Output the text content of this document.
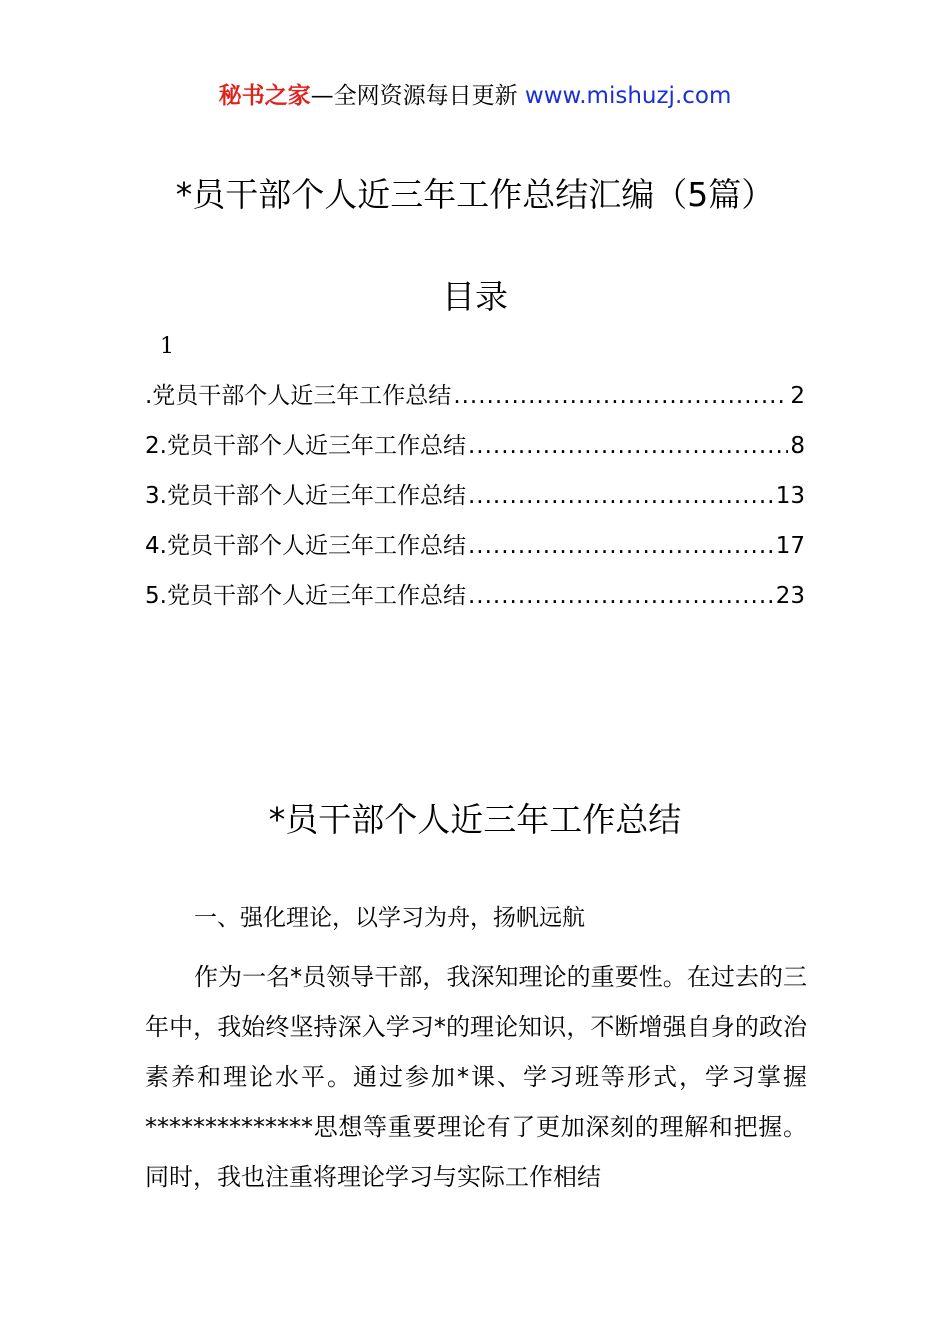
秘书之家—全网资源每日更新 www.mishuzj.com
*员干部个人近三年工作总结汇编（5篇）
目录
1
.党员干部个人近三年工作总结 .....	2
2.党员干部个人近三年工作总结 .....	8
3.党员干部个人近三年工作总结 .....	13
4.党员干部个人近三年工作总结 .....	17
5.党员干部个人近三年工作总结 .....	23
*员干部个人近三年工作总结
一、强化理论，以学习为舟，扬帆远航

作为一名*员领导干部，我深知理论的重要性。在过去的三年中，我始终坚持深入学习*的理论知识，不断增强自身的政治素养和理论水平。通过参加*课、学习班等形式，学习掌握**************思想等重要理论有了更加深刻的理解和把握。同时，我也注重将理论学习与实际工作相结
